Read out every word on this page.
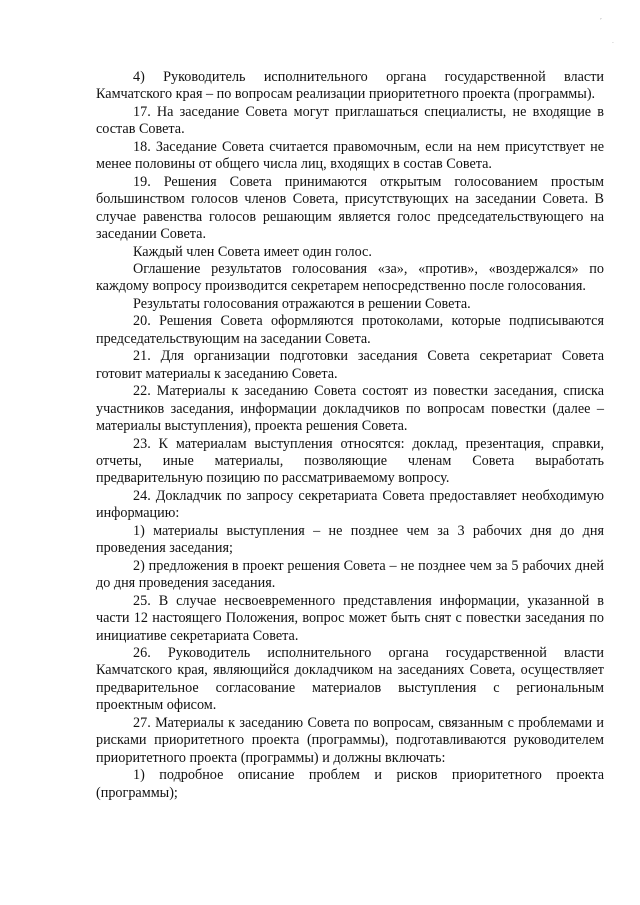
,
.

4) Руководитель исполнительного органа государственной власти Камчатского края – по вопросам реализации приоритетного проекта (программы).

17. На заседание Совета могут приглашаться специалисты, не входящие в состав Совета.

18. Заседание Совета считается правомочным, если на нем присутствует не менее половины от общего числа лиц, входящих в состав Совета.

19. Решения Совета принимаются открытым голосованием простым большинством голосов членов Совета, присутствующих на заседании Совета. В случае равенства голосов решающим является голос председательствующего на заседании Совета.

Каждый член Совета имеет один голос.

Оглашение результатов голосования «за», «против», «воздержался» по каждому вопросу производится секретарем непосредственно после голосования.

Результаты голосования отражаются в решении Совета.

20. Решения Совета оформляются протоколами, которые подписываются председательствующим на заседании Совета.

21. Для организации подготовки заседания Совета секретариат Совета готовит материалы к заседанию Совета.

22. Материалы к заседанию Совета состоят из повестки заседания, списка участников заседания, информации докладчиков по вопросам повестки (далее – материалы выступления), проекта решения Совета.

23. К материалам выступления относятся: доклад, презентация, справки, отчеты, иные материалы, позволяющие членам Совета выработать предварительную позицию по рассматриваемому вопросу.

24. Докладчик по запросу секретариата Совета предоставляет необходимую информацию:

1) материалы выступления – не позднее чем за 3 рабочих дня до дня проведения заседания;

2) предложения в проект решения Совета – не позднее чем за 5 рабочих дней до дня проведения заседания.

25. В случае несвоевременного представления информации, указанной в части 12 настоящего Положения, вопрос может быть снят с повестки заседания по инициативе секретариата Совета.

26. Руководитель исполнительного органа государственной власти Камчатского края, являющийся докладчиком на заседаниях Совета, осуществляет предварительное согласование материалов выступления с региональным проектным офисом.

27. Материалы к заседанию Совета по вопросам, связанным с проблемами и рисками приоритетного проекта (программы), подготавливаются руководителем приоритетного проекта (программы) и должны включать:

1) подробное описание проблем и рисков приоритетного проекта (программы);
